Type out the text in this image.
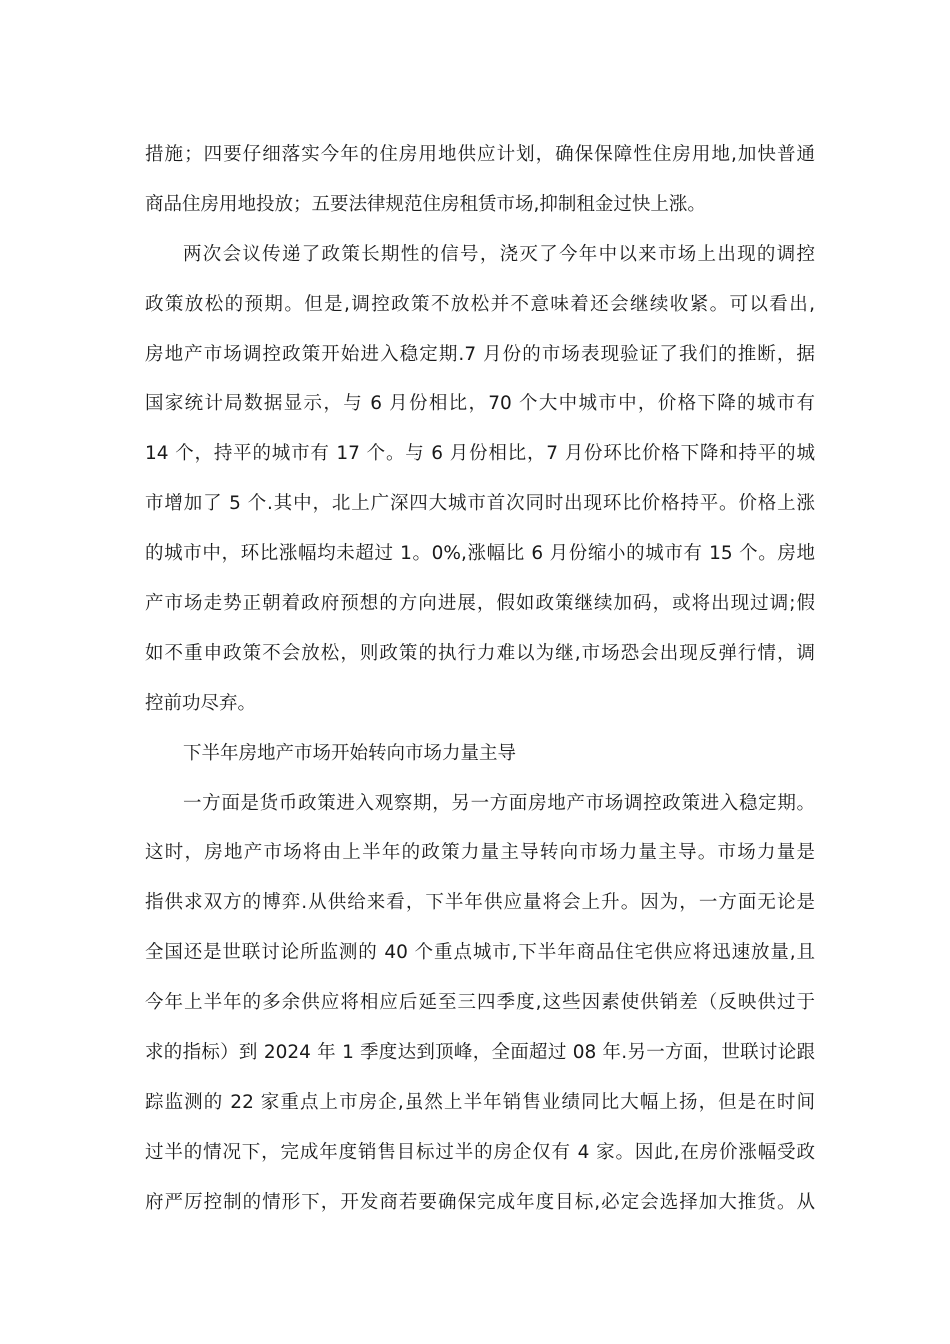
措施；四要仔细落实今年的住房用地供应计划，确保保障性住房用地,加快普通
商品住房用地投放；五要法律规范住房租赁市场,抑制租金过快上涨。
两次会议传递了政策长期性的信号，浇灭了今年中以来市场上出现的调控
政策放松的预期。但是,调控政策不放松并不意味着还会继续收紧。可以看出,
房地产市场调控政策开始进入稳定期.7 月份的市场表现验证了我们的推断，据
国家统计局数据显示，与 6 月份相比，70 个大中城市中，价格下降的城市有
14 个，持平的城市有 17 个。与 6 月份相比，7 月份环比价格下降和持平的城
市增加了 5 个.其中，北上广深四大城市首次同时出现环比价格持平。价格上涨
的城市中，环比涨幅均未超过 1。0%,涨幅比 6 月份缩小的城市有 15 个。房地
产市场走势正朝着政府预想的方向进展，假如政策继续加码，或将出现过调;假
如不重申政策不会放松，则政策的执行力难以为继,市场恐会出现反弹行情，调
控前功尽弃。
下半年房地产市场开始转向市场力量主导
一方面是货币政策进入观察期，另一方面房地产市场调控政策进入稳定期。
这时，房地产市场将由上半年的政策力量主导转向市场力量主导。市场力量是
指供求双方的博弈.从供给来看，下半年供应量将会上升。因为，一方面无论是
全国还是世联讨论所监测的 40 个重点城市,下半年商品住宅供应将迅速放量,且
今年上半年的多余供应将相应后延至三四季度,这些因素使供销差（反映供过于
求的指标）到 2024 年 1 季度达到顶峰，全面超过 08 年.另一方面，世联讨论跟
踪监测的 22 家重点上市房企,虽然上半年销售业绩同比大幅上扬，但是在时间
过半的情况下，完成年度销售目标过半的房企仅有 4 家。因此,在房价涨幅受政
府严厉控制的情形下，开发商若要确保完成年度目标,必定会选择加大推货。从
